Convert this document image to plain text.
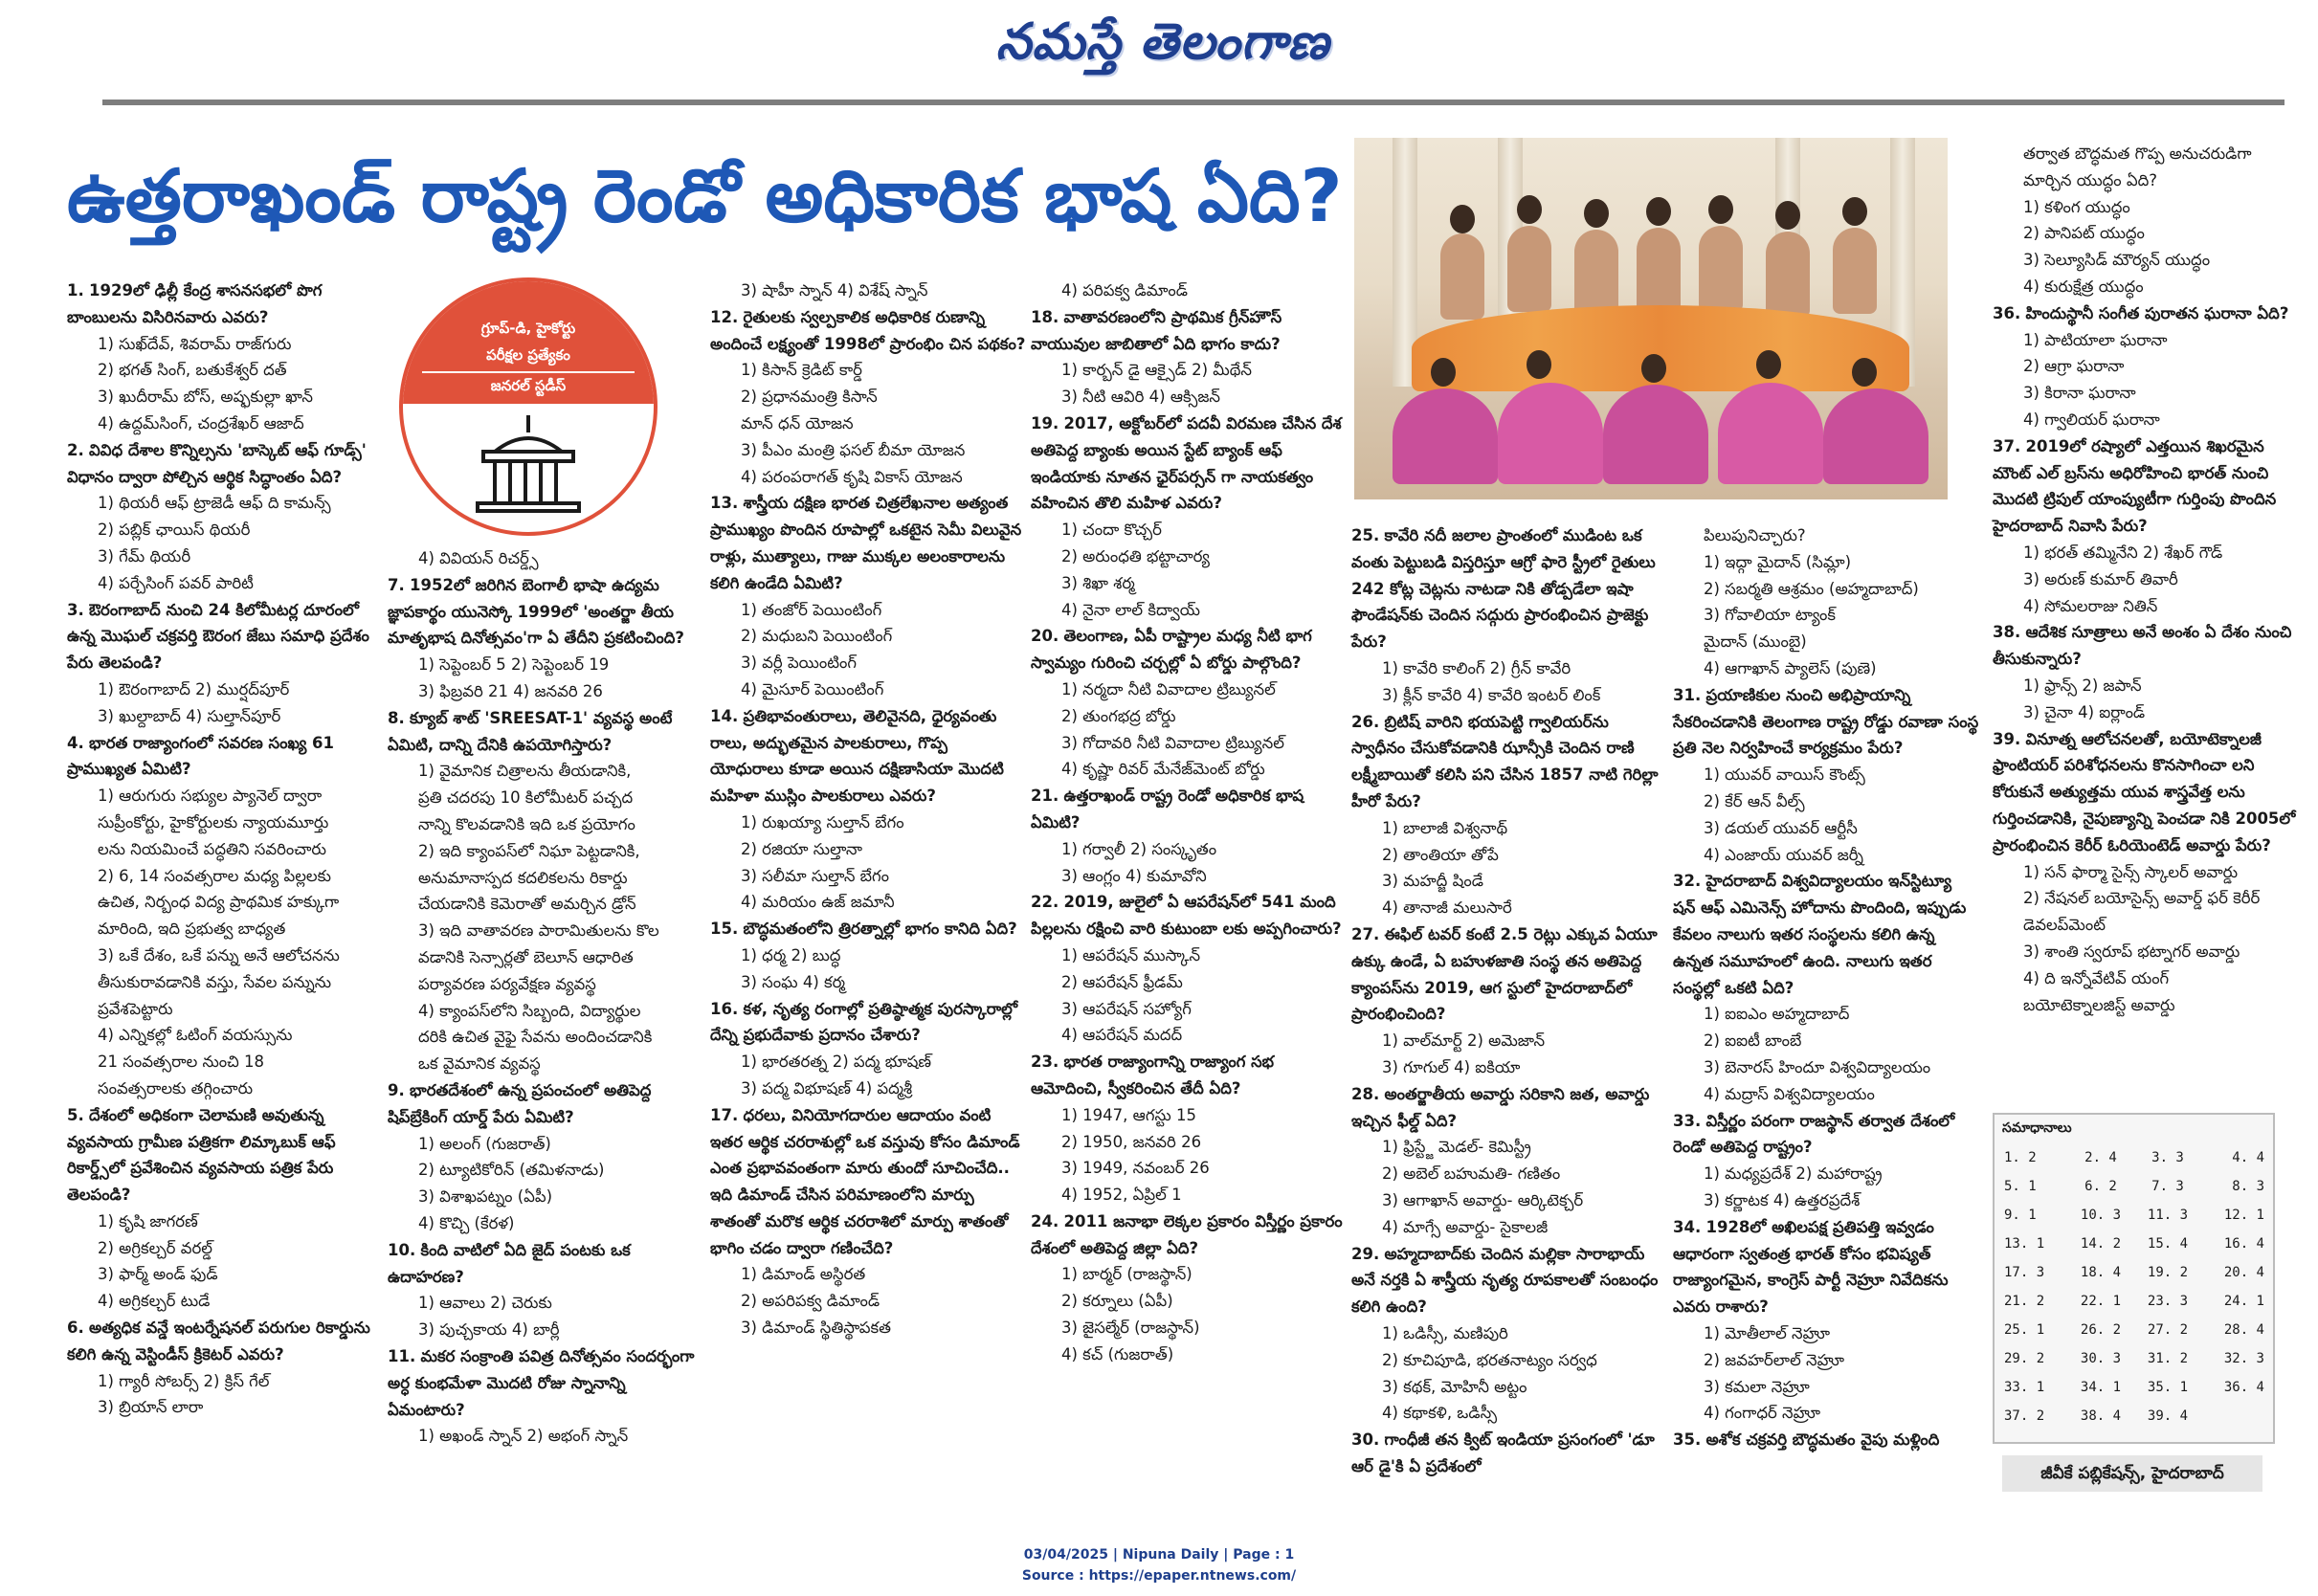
నమస్తే తెలంగాణ
ఉత్తరాఖండ్ రాష్ట్ర రెండో అధికారిక భాష ఏది?
గ్రూప్-డి, హైకోర్టు
పరీక్షల ప్రత్యేకం
జనరల్ స్టడీస్
1. 1929లో ఢిల్లీ కేంద్ర శాసనసభలో పొగ బాంబులను విసిరినవారు ఎవరు?
1) సుఖ్‌దేవ్, శివరామ్ రాజ్‌గురు
2) భగత్ సింగ్, బతుకేశ్వర్ దత్
3) ఖుదీరామ్ బోస్, అష్ఫకుల్లా ఖాన్
4) ఉద్దమ్‌సింగ్, చంద్రశేఖర్ ఆజాద్
2. వివిధ దేశాల కొన్నిల్సను 'బాస్కెట్ ఆఫ్ గూడ్స్' విధానం ద్వారా పోల్చిన ఆర్థిక సిద్ధాంతం ఏది?
1) థియరీ ఆఫ్ ట్రాజెడీ ఆఫ్ ది కామన్స్
2) పబ్లిక్ ఛాయిస్ థియరీ
3) గేమ్ థియరీ
4) పర్చేసింగ్ పవర్ పారిటీ
3. ఔరంగాబాద్ నుంచి 24 కిలోమీటర్ల దూరంలో ఉన్న మొఘల్ చక్రవర్తి ఔరంగ జేబు సమాధి ప్రదేశం పేరు తెలపండి?
1) ఔరంగాబాద్ 2) ముర్షద్‌పూర్
3) ఖుల్దాబాద్ 4) సుల్తాన్‌పూర్
4. భారత రాజ్యాంగంలో సవరణ సంఖ్య 61 ప్రాముఖ్యత ఏమిటి?
1) ఆరుగురు సభ్యుల ప్యానెల్ ద్వారా
సుప్రీంకోర్టు, హైకోర్టులకు న్యాయమూర్తు
లను నియమించే పద్ధతిని సవరించారు
2) 6, 14 సంవత్సరాల మధ్య పిల్లలకు
ఉచిత, నిర్బంధ విద్య ప్రాథమిక హక్కుగా
మారింది, ఇది ప్రభుత్వ బాధ్యత
3) ఒకే దేశం, ఒకే పన్ను అనే ఆలోచనను
తీసుకురావడానికి వస్తు, సేవల పన్నును
ప్రవేశపెట్టారు
4) ఎన్నికల్లో ఓటింగ్ వయస్సును
21 సంవత్సరాల నుంచి 18
సంవత్సరాలకు తగ్గించారు
5. దేశంలో అధికంగా చెలామణి అవుతున్న వ్యవసాయ గ్రామీణ పత్రికగా లిమ్కాబుక్ ఆఫ్ రికార్డ్స్‌లో ప్రవేశించిన వ్యవసాయ పత్రిక పేరు తెలపండి?
1) కృషి జాగరణ్
2) అగ్రికల్చర్ వరల్డ్
3) ఫార్మ్ అండ్ ఫుడ్
4) అగ్రికల్చర్ టుడే
6. అత్యధిక వన్డే ఇంటర్నేషనల్ పరుగుల రికార్డును కలిగి ఉన్న వెస్టిండీస్ క్రికెటర్ ఎవరు?
1) గ్యారీ సోబర్స్ 2) క్రిస్ గేల్
3) బ్రియాన్ లారా
4) వివియన్ రిచర్డ్స్
7. 1952లో జరిగిన బెంగాలీ భాషా ఉద్యమ జ్ఞాపకార్థం యునెస్కో 1999లో 'అంతర్జా తీయ మాతృభాష దినోత్సవం'గా ఏ తేదీని ప్రకటించింది?
1) సెప్టెంబర్ 5 2) సెప్టెంబర్ 19
3) ఫిబ్రవరి 21 4) జనవరి 26
8. క్యూబ్ శాట్ 'SREESAT-1' వ్యవస్థ అంటే ఏమిటి, దాన్ని దేనికి ఉపయోగిస్తారు?
1) వైమానిక చిత్రాలను తీయడానికి,
ప్రతి చదరపు 10 కిలోమీటర్ పచ్చద
నాన్ని కొలవడానికి ఇది ఒక ప్రయోగం
2) ఇది క్యాంపస్‌లో నిఘా పెట్టడానికి,
అనుమానాస్పద కదలికలను రికార్డు
చేయడానికి కెమెరాతో అమర్చిన డ్రోన్
3) ఇది వాతావరణ పారామితులను కొల
వడానికి సెన్సార్లతో బెలూన్ ఆధారిత
పర్యావరణ పర్యవేక్షణ వ్యవస్థ
4) క్యాంపస్‌లోని సిబ్బంది, విద్యార్థుల
దరికి ఉచిత వైఫై సేవను అందించడానికి
ఒక వైమానిక వ్యవస్థ
9. భారతదేశంలో ఉన్న ప్రపంచంలో అతిపెద్ద షిప్‌బ్రేకింగ్ యార్డ్ పేరు ఏమిటి?
1) అలంగ్ (గుజరాత్)
2) ట్యూటికోరిన్ (తమిళనాడు)
3) విశాఖపట్నం (ఏపీ)
4) కొచ్చి (కేరళ)
10. కింది వాటిలో ఏది జైద్ పంటకు ఒక ఉదాహరణ?
1) ఆవాలు 2) చెరుకు
3) పుచ్చకాయ 4) బార్లీ
11. మకర సంక్రాంతి పవిత్ర దినోత్సవం సందర్భంగా అర్ధ కుంభమేళా మొదటి రోజు స్నానాన్ని ఏమంటారు?
1) అఖండ్ స్నాన్ 2) అభంగ్ స్నాన్
3) షాహీ స్నాన్ 4) విశేష్ స్నాన్
12. రైతులకు స్వల్పకాలిక అధికారిక రుణాన్ని అందించే లక్ష్యంతో 1998లో ప్రారంభిం చిన పథకం?
1) కిసాన్ క్రెడిట్ కార్డ్
2) ప్రధానమంత్రి కిసాన్
మాన్ ధన్ యోజన
3) పీఎం మంత్రి ఫసల్ బీమా యోజన
4) పరంపరాగత్ కృషి వికాస్ యోజన
13. శాస్త్రీయ దక్షిణ భారత చిత్రలేఖనాల అత్యంత ప్రాముఖ్యం పొందిన రూపాల్లో ఒకటైన సెమీ విలువైన రాళ్లు, ముత్యాలు, గాజు ముక్కల అలంకారాలను కలిగి ఉండేది ఏమిటి?
1) తంజోర్ పెయింటింగ్
2) మధుబని పెయింటింగ్
3) వర్లీ పెయింటింగ్
4) మైసూర్ పెయింటింగ్
14. ప్రతిభావంతురాలు, తెలివైనది, ధైర్యవంతు రాలు, అద్భుతమైన పాలకురాలు, గొప్ప యోధురాలు కూడా అయిన దక్షిణాసియా మొదటి మహిళా ముస్లిం పాలకురాలు ఎవరు?
1) రుఖయ్యా సుల్తాన్ బేగం
2) రజియా సుల్తానా
3) సలీమా సుల్తాన్ బేగం
4) మరియం ఉజ్ జమానీ
15. బౌద్ధమతంలోని త్రిరత్నాల్లో భాగం కానిది ఏది?
1) ధర్మ 2) బుద్ధ
3) సంఘ 4) కర్మ
16. కళ, నృత్య రంగాల్లో ప్రతిష్ఠాత్మక పురస్కారాల్లో దేన్ని ప్రభుదేవాకు ప్రదానం చేశారు?
1) భారతరత్న 2) పద్మ భూషణ్
3) పద్మ విభూషణ్ 4) పద్మశ్రీ
17. ధరలు, వినియోగదారుల ఆదాయం వంటి ఇతర ఆర్థిక చరరాశుల్లో ఒక వస్తువు కోసం డిమాండ్ ఎంత ప్రభావవంతంగా మారు తుందో సూచించేది.. ఇది డిమాండ్ చేసిన పరిమాణంలోని మార్పు శాతంతో మరొక ఆర్థిక చరరాశిలో మార్పు శాతంతో భాగిం చడం ద్వారా గణించేది?
1) డిమాండ్ అస్థిరత
2) అపరిపక్వ డిమాండ్
3) డిమాండ్ స్థితిస్థాపకత
4) పరిపక్వ డిమాండ్
18. వాతావరణంలోని ప్రాథమిక గ్రీన్‌హౌస్ వాయువుల జాబితాలో ఏది భాగం కాదు?
1) కార్బన్ డై ఆక్సైడ్ 2) మీథేన్
3) నీటి ఆవిరి 4) ఆక్సిజన్
19. 2017, అక్టోబర్‌లో పదవీ విరమణ చేసిన దేశ అతిపెద్ద బ్యాంకు అయిన స్టేట్ బ్యాంక్ ఆఫ్ ఇండియాకు నూతన ఛైర్‌పర్సన్ గా నాయకత్వం వహించిన తొలి మహిళ ఎవరు?
1) చందా కొచ్చర్
2) అరుంధతి భట్టాచార్య
3) శిఖా శర్మ
4) నైనా లాల్ కిద్వాయ్
20. తెలంగాణ, ఏపీ రాష్ట్రాల మధ్య నీటి భాగ స్వామ్యం గురించి చర్చల్లో ఏ బోర్డు పాల్గొంది?
1) నర్మదా నీటి వివాదాల ట్రిబ్యునల్
2) తుంగభద్ర బోర్డు
3) గోదావరి నీటి వివాదాల ట్రిబ్యునల్
4) కృష్ణా రివర్ మేనేజ్‌మెంట్ బోర్డు
21. ఉత్తరాఖండ్ రాష్ట్ర రెండో అధికారిక భాష ఏమిటి?
1) గర్వాలీ 2) సంస్కృతం
3) ఆంగ్లం 4) కుమావోని
22. 2019, జులైలో ఏ ఆపరేషన్‌లో 541 మంది పిల్లలను రక్షించి వారి కుటుంబా లకు అప్పగించారు?
1) ఆపరేషన్ ముస్కాన్
2) ఆపరేషన్ ఫ్రీడమ్
3) ఆపరేషన్ సహ్యోగ్
4) ఆపరేషన్ మదద్
23. భారత రాజ్యాంగాన్ని రాజ్యాంగ సభ ఆమోదించి, స్వీకరించిన తేదీ ఏది?
1) 1947, ఆగస్టు 15
2) 1950, జనవరి 26
3) 1949, నవంబర్ 26
4) 1952, ఏప్రిల్ 1
24. 2011 జనాభా లెక్కల ప్రకారం విస్తీర్ణం ప్రకారం దేశంలో అతిపెద్ద జిల్లా ఏది?
1) బార్మర్ (రాజస్థాన్)
2) కర్నూలు (ఏపీ)
3) జైసల్మేర్ (రాజస్థాన్)
4) కచ్ (గుజరాత్)
25. కావేరి నదీ జలాల ప్రాంతంలో ముడింట ఒక వంతు పెట్టుబడి విస్తరిస్తూ ఆగ్రో ఫారె స్ట్రీలో రైతులు 242 కోట్ల చెట్లను నాటడా నికి తోడ్పడేలా ఇషా ఫౌండేషన్‌కు చెందిన సద్గురు ప్రారంభించిన ప్రాజెక్టు పేరు?
1) కావేరి కాలింగ్ 2) గ్రీన్ కావేరి
3) క్లీన్ కావేరి 4) కావేరి ఇంటర్ లింక్
26. బ్రిటిష్ వారిని భయపెట్టి గ్వాలియర్‌ను స్వాధీనం చేసుకోవడానికి ఝాన్సీకి చెందిన రాణి లక్ష్మీబాయితో కలిసి పని చేసిన 1857 నాటి గెరిల్లా హీరో పేరు?
1) బాలాజీ విశ్వనాథ్
2) తాంతియా తోపే
3) మహద్జీ షిండే
4) తానాజీ మలుసారే
27. ఈఫిల్ టవర్ కంటే 2.5 రెట్లు ఎక్కువ ఏయూ ఉక్కు ఉండే, ఏ బహుళజాతి సంస్థ తన అతిపెద్ద క్యాంపస్‌ను 2019, ఆగ స్టులో హైదరాబాద్‌లో ప్రారంభించింది?
1) వాల్‌మార్ట్ 2) అమెజాన్
3) గూగుల్ 4) ఐకియా
28. అంతర్జాతీయ అవార్డు సరికాని జత, అవార్డు ఇచ్చిన ఫీల్డ్ ఏది?
1) ఫ్రిస్ట్జే మెడల్- కెమిస్ట్రీ
2) అబెల్ బహుమతి- గణితం
3) ఆగాఖాన్ అవార్డు- ఆర్కిటెక్చర్
4) మాగ్సే అవార్డు- సైకాలజీ
29. అహ్మదాబాద్‌కు చెందిన మల్లికా సారాభాయ్ అనే నర్తకి ఏ శాస్త్రీయ నృత్య రూపకాలతో సంబంధం కలిగి ఉంది?
1) ఒడిస్సీ, మణిపురి
2) కూచిపూడి, భరతనాట్యం సర్వధ
3) కథక్, మోహినీ అట్టం
4) కథాకళి, ఒడిస్సీ
30. గాంధీజీ తన క్విట్ ఇండియా ప్రసంగంలో 'డూ ఆర్ డై'కి ఏ ప్రదేశంలో
పిలుపునిచ్చారు?
1) ఇద్గా మైదాన్ (సిమ్లా)
2) సబర్మతి ఆశ్రమం (అహ్మదాబాద్)
3) గోవాలియా ట్యాంక్
మైదాన్ (ముంబై)
4) ఆగాఖాన్ ప్యాలెస్ (పుణె)
31. ప్రయాణికుల నుంచి అభిప్రాయాన్ని సేకరించడానికి తెలంగాణ రాష్ట్ర రోడ్డు రవాణా సంస్థ ప్రతి నెల నిర్వహించే కార్యక్రమం పేరు?
1) యువర్ వాయిస్ కౌంట్స్
2) కేర్ ఆన్ వీల్స్
3) డయల్ యువర్ ఆర్టీసీ
4) ఎంజాయ్ యువర్ జర్నీ
32. హైదరాబాద్ విశ్వవిద్యాలయం ఇన్‌స్టిట్యూ షన్ ఆఫ్ ఎమినెన్స్ హోదాను పొందింది, ఇప్పుడు కేవలం నాలుగు ఇతర సంస్థలను కలిగి ఉన్న ఉన్నత సమూహంలో ఉంది. నాలుగు ఇతర సంస్థల్లో ఒకటి ఏది?
1) ఐఐఎం అహ్మదాబాద్
2) ఐఐటీ బాంబే
3) బెనారస్ హిందూ విశ్వవిద్యాలయం
4) మద్రాస్ విశ్వవిద్యాలయం
33. విస్తీర్ణం పరంగా రాజస్థాన్ తర్వాత దేశంలో రెండో అతిపెద్ద రాష్ట్రం?
1) మధ్యప్రదేశ్ 2) మహారాష్ట్ర
3) కర్ణాటక 4) ఉత్తరప్రదేశ్
34. 1928లో అఖిలపక్ష ప్రతిపత్తి ఇవ్వడం ఆధారంగా స్వతంత్ర భారత్ కోసం భవిష్యత్ రాజ్యాంగమైన, కాంగ్రెస్ పార్టీ నెహ్రూ నివేదికను ఎవరు రాశారు?
1) మోతీలాల్ నెహ్రూ
2) జవహర్‌లాల్ నెహ్రూ
3) కమలా నెహ్రూ
4) గంగాధర్ నెహ్రూ
35. అశోక చక్రవర్తి బౌద్ధమతం వైపు మళ్లింది
తర్వాత బౌద్ధమత గొప్ప అనుచరుడిగా
మార్చిన యుద్ధం ఏది?
1) కళింగ యుద్ధం
2) పానిపట్ యుద్ధం
3) సెల్యూసిడ్ మౌర్యన్ యుద్ధం
4) కురుక్షేత్ర యుద్ధం
36. హిందుస్థానీ సంగీత పురాతన ఘరానా ఏది?
1) పాటియాలా ఘరానా
2) ఆగ్రా ఘరానా
3) కిరానా ఘరానా
4) గ్వాలియర్ ఘరానా
37. 2019లో రష్యాలో ఎత్తయిన శిఖరమైన మౌంట్ ఎల్ బ్రస్‌ను అధిరోహించి భారత్ నుంచి మొదటి ట్రిపుల్ యాంప్యుటీగా గుర్తింపు పొందిన హైదరాబాద్ నివాసి పేరు?
1) భరత్ తమ్మినేని 2) శేఖర్ గౌడ్
3) అరుణ్ కుమార్ తివారీ
4) సోమలరాజు నితిన్
38. ఆదేశిక సూత్రాలు అనే అంశం ఏ దేశం నుంచి తీసుకున్నారు?
1) ఫ్రాన్స్ 2) జపాన్
3) చైనా 4) ఐర్లాండ్
39. వినూత్న ఆలోచనలతో, బయోటెక్నాలజీ ఫ్రాంటియర్ పరిశోధనలను కొనసాగించా లని కోరుకునే అత్యుత్తమ యువ శాస్త్రవేత్త లను గుర్తించడానికి, నైపుణ్యాన్ని పెంచడా నికి 2005లో ప్రారంభించిన కెరీర్ ఓరియెంటెడ్ అవార్డు పేరు?
1) సన్ ఫార్మా సైన్స్ స్కాలర్ అవార్డు
2) నేషనల్ బయోసైన్స్ అవార్డ్ ఫర్ కెరీర్
డెవలప్‌మెంట్
3) శాంతి స్వరూప్ భట్నాగర్ అవార్డు
4) ది ఇన్నోవేటివ్ యంగ్
బయోటెక్నాలజిస్ట్ అవార్డు
సమాధానాలు
1. 2	2. 4	3. 3	4. 4
5. 1	6. 2	7. 3	8. 3
9. 1	10. 3	11. 3	12. 1
13. 1	14. 2	15. 4	16. 4
17. 3	18. 4	19. 2	20. 4
21. 2	22. 1	23. 3	24. 1
25. 1	26. 2	27. 2	28. 4
29. 2	30. 3	31. 2	32. 3
33. 1	34. 1	35. 1	36. 4
37. 2	38. 4	39. 4
జీవీకే పబ్లికేషన్స్, హైదరాబాద్
03/04/2025 | Nipuna Daily | Page : 1
Source : https://epaper.ntnews.com/
